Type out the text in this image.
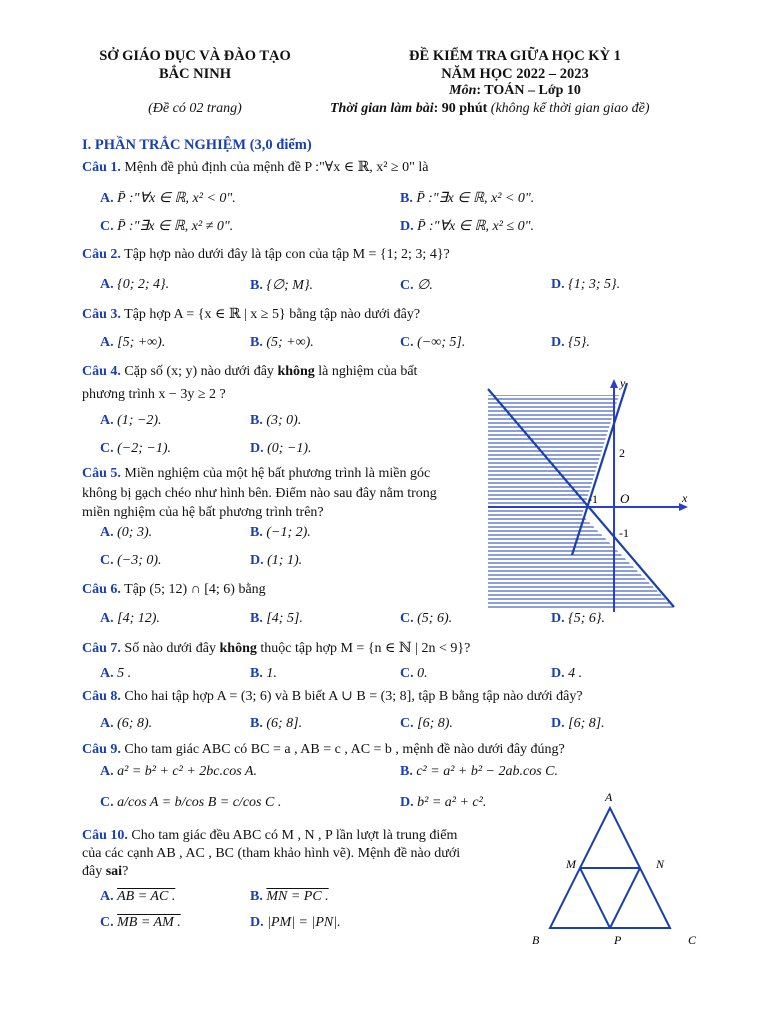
SỞ GIÁO DỤC VÀ ĐÀO TẠO
BẮC NINH
(Đề có 02 trang)
ĐỀ KIỂM TRA GIỮA HỌC KỲ 1
NĂM HỌC 2022 – 2023
Môn: TOÁN – Lớp 10
Thời gian làm bài: 90 phút (không kể thời gian giao đề)
I. PHẦN TRẮC NGHIỆM (3,0 điểm)
Câu 1. Mệnh đề phủ định của mệnh đề P :"∀x ∈ ℝ, x² ≥ 0" là
A. P̄ :"∀x ∈ ℝ, x² < 0".	B. P̄ :"∃x ∈ ℝ, x² < 0".
C. P̄ :"∃x ∈ ℝ, x² ≠ 0".	D. P̄ :"∀x ∈ ℝ, x² ≤ 0".
Câu 2. Tập hợp nào dưới đây là tập con của tập M = {1; 2; 3; 4}?
A. {0; 2; 4}.	B. {∅; M}.	C. ∅.	D. {1; 3; 5}.
Câu 3. Tập hợp A = {x ∈ ℝ | x ≥ 5} bằng tập nào dưới đây?
A. [5; +∞).	B. (5; +∞).	C. (−∞; 5].	D. {5}.
Câu 4. Cặp số (x; y) nào dưới đây không là nghiệm của bất
phương trình x − 3y ≥ 2 ?
A. (1; −2).	B. (3; 0).
C. (−2; −1).	D. (0; −1).
Câu 5. Miền nghiệm của một hệ bất phương trình là miền góc
không bị gạch chéo như hình bên. Điểm nào sau đây nằm trong
miền nghiệm của hệ bất phương trình trên?
A. (0; 3).	B. (−1; 2).
C. (−3; 0).	D. (1; 1).
y
x
O
2
-1
-1
Câu 6. Tập (5; 12) ∩ [4; 6) bằng
A. [4; 12).	B. [4; 5].	C. (5; 6).	D. {5; 6}.
Câu 7. Số nào dưới đây không thuộc tập hợp M = {n ∈ ℕ | 2n < 9}?
A. 5 .	B. 1.	C. 0.	D. 4 .
Câu 8. Cho hai tập hợp A = (3; 6) và B biết A ∪ B = (3; 8], tập B bằng tập nào dưới đây?
A. (6; 8).	B. (6; 8].	C. [6; 8).	D. [6; 8].
Câu 9. Cho tam giác ABC có BC = a , AB = c , AC = b , mệnh đề nào dưới đây đúng?
A. a² = b² + c² + 2bc.cos A.	B. c² = a² + b² − 2ab.cos C.
C. a/cos A = b/cos B = c/cos C .	D. b² = a² + c².
Câu 10. Cho tam giác đều ABC có M , N , P lần lượt là trung điểm
của các cạnh AB , AC , BC (tham khảo hình vẽ). Mệnh đề nào dưới
đây sai?
A. AB = AC .	B. MN = PC .
C. MB = AM .	D. |PM| = |PN|.
A
B	C
M	N
P
